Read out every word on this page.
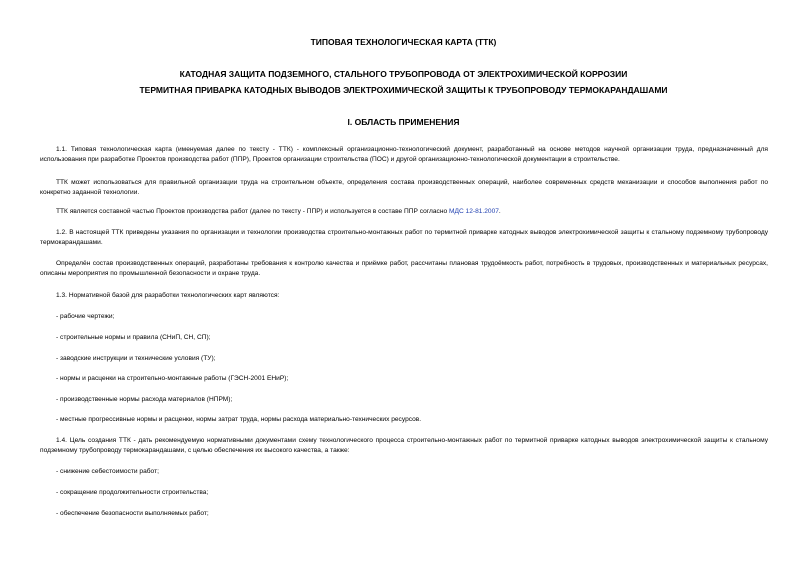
ТИПОВАЯ ТЕХНОЛОГИЧЕСКАЯ КАРТА (ТТК)
КАТОДНАЯ ЗАЩИТА ПОДЗЕМНОГО, СТАЛЬНОГО ТРУБОПРОВОДА ОТ ЭЛЕКТРОХИМИЧЕСКОЙ КОРРОЗИИ
ТЕРМИТНАЯ ПРИВАРКА КАТОДНЫХ ВЫВОДОВ ЭЛЕКТРОХИМИЧЕСКОЙ ЗАЩИТЫ К ТРУБОПРОВОДУ ТЕРМОКАРАНДАШАМИ
I. ОБЛАСТЬ ПРИМЕНЕНИЯ
1.1. Типовая технологическая карта (именуемая далее по тексту - ТТК) - комплексный организационно-технологический документ, разработанный на основе методов научной организации труда, предназначенный для использования при разработке Проектов производства работ (ППР), Проектов организации строительства (ПОС) и другой организационно-технологической документации в строительстве.
ТТК может использоваться для правильной организации труда на строительном объекте, определения состава производственных операций, наиболее современных средств механизации и способов выполнения работ по конкретно заданной технологии.
ТТК является составной частью Проектов производства работ (далее по тексту - ППР) и используется в составе ППР согласно МДС 12-81.2007.
1.2. В настоящей ТТК приведены указания по организации и технологии производства строительно-монтажных работ по термитной приварке катодных выводов электрохимической защиты к стальному подземному трубопроводу термокарандашами.
Определён состав производственных операций, разработаны требования к контролю качества и приёмке работ, рассчитаны плановая трудоёмкость работ, потребность в трудовых, производственных и материальных ресурсах, описаны мероприятия по промышленной безопасности и охране труда.
1.3. Нормативной базой для разработки технологических карт являются:
- рабочие чертежи;
- строительные нормы и правила (СНиП, СН, СП);
- заводские инструкции и технические условия (ТУ);
- нормы и расценки на строительно-монтажные работы (ГЭСН-2001 ЕНиР);
- производственные нормы расхода материалов (НПРМ);
- местные прогрессивные нормы и расценки, нормы затрат труда, нормы расхода материально-технических ресурсов.
1.4. Цель создания ТТК - дать рекомендуемую нормативными документами схему технологического процесса строительно-монтажных работ по термитной приварке катодных выводов электрохимической защиты к стальному подземному трубопроводу термокарандашами, с целью обеспечения их высокого качества, а также:
- снижение себестоимости работ;
- сокращение продолжительности строительства;
- обеспечение безопасности выполняемых работ;
